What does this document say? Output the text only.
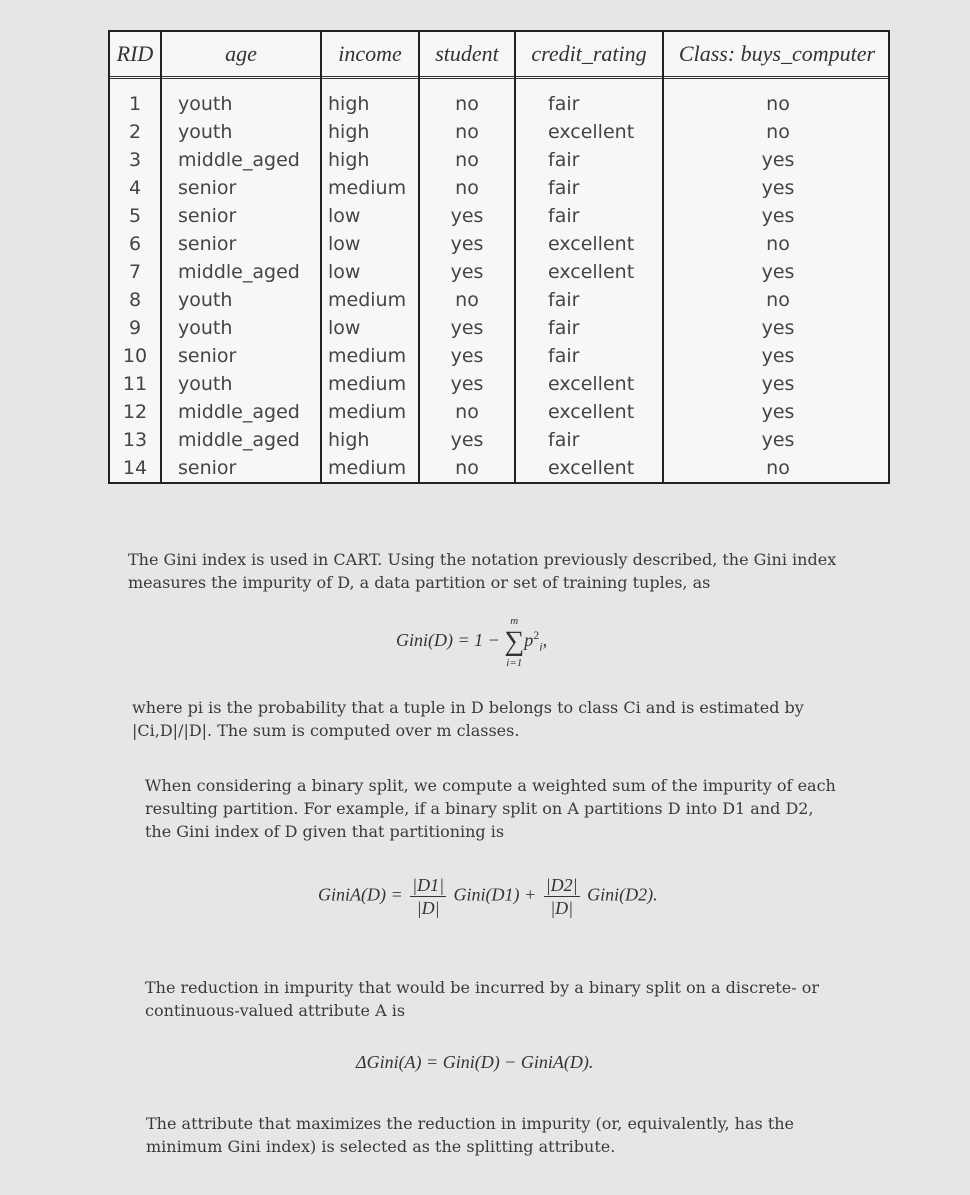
RID	age	income	student	credit_rating	Class: buys_computer
1	youth	high	no	fair	no
2	youth	high	no	excellent	no
3	middle_aged high	no	fair	yes
4	senior	medium	no	fair	yes
5	senior	low	yes	fair	yes
6	senior	low	yes	excellent	no
7	middle_aged low	yes	excellent	yes
8	youth	medium	no	fair	no
9	youth	low	yes	fair	yes
10	senior	medium	yes	fair	yes
11	youth	medium	yes	excellent	yes
12	middle_aged medium	no	excellent	yes
13	middle_aged high	yes	fair	yes
14	senior	medium	no	excellent	no
The Gini index is used in CART. Using the notation previously described, the Gini index measures the impurity of D, a data partition or set of training tuples, as
Gini(D) = 1 −
m
∑
i=1
$p^2_i$,
where pi is the probability that a tuple in D belongs to class Ci and is estimated by |Ci,D|/|D|. The sum is computed over m classes.
When considering a binary split, we compute a weighted sum of the impurity of each resulting partition. For example, if a binary split on A partitions D into D1 and D2, the Gini index of D given that partitioning is
GiniA(D) = $\frac{|D1|}{|D|}$ Gini(D1) + $\frac{|D2|}{|D|}$ Gini(D2).
The reduction in impurity that would be incurred by a binary split on a discrete- or continuous-valued attribute A is
ΔGini(A) = Gini(D) − GiniA(D).
The attribute that maximizes the reduction in impurity (or, equivalently, has the minimum Gini index) is selected as the splitting attribute.
